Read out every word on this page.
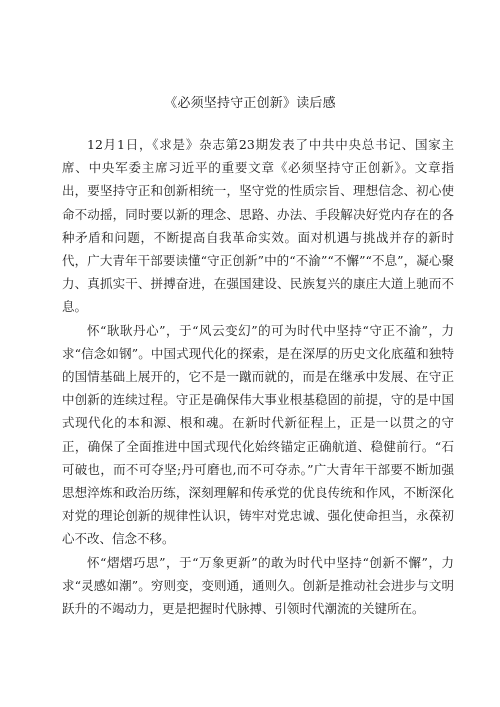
《必须坚持守正创新》读后感

12月1日，《求是》杂志第23期发表了中共中央总书记、国家主席、中央军委主席习近平的重要文章《必须坚持守正创新》。文章指出，要坚持守正和创新相统一，坚守党的性质宗旨、理想信念、初心使命不动摇，同时要以新的理念、思路、办法、手段解决好党内存在的各种矛盾和问题，不断提高自我革命实效。面对机遇与挑战并存的新时代，广大青年干部要读懂“守正创新”中的“不渝”“不懈”“不息”，凝心聚力、真抓实干、拼搏奋进，在强国建设、民族复兴的康庄大道上驰而不息。

怀“耿耿丹心”，于“风云变幻”的可为时代中坚持“守正不渝”，力求“信念如钢”。中国式现代化的探索，是在深厚的历史文化底蕴和独特的国情基础上展开的，它不是一蹴而就的，而是在继承中发展、在守正中创新的连续过程。守正是确保伟大事业根基稳固的前提，守的是中国式现代化的本和源、根和魂。在新时代新征程上，正是一以贯之的守正，确保了全面推进中国式现代化始终锚定正确航道、稳健前行。“石可破也，而不可夺坚;丹可磨也,而不可夺赤。”广大青年干部要不断加强思想淬炼和政治历练，深刻理解和传承党的优良传统和作风，不断深化对党的理论创新的规律性认识，铸牢对党忠诚、强化使命担当，永葆初心不改、信念不移。

怀“熠熠巧思”，于“万象更新”的敢为时代中坚持“创新不懈”，力求“灵感如潮”。穷则变，变则通，通则久。创新是推动社会进步与文明跃升的不竭动力，更是把握时代脉搏、引领时代潮流的关键所在。
